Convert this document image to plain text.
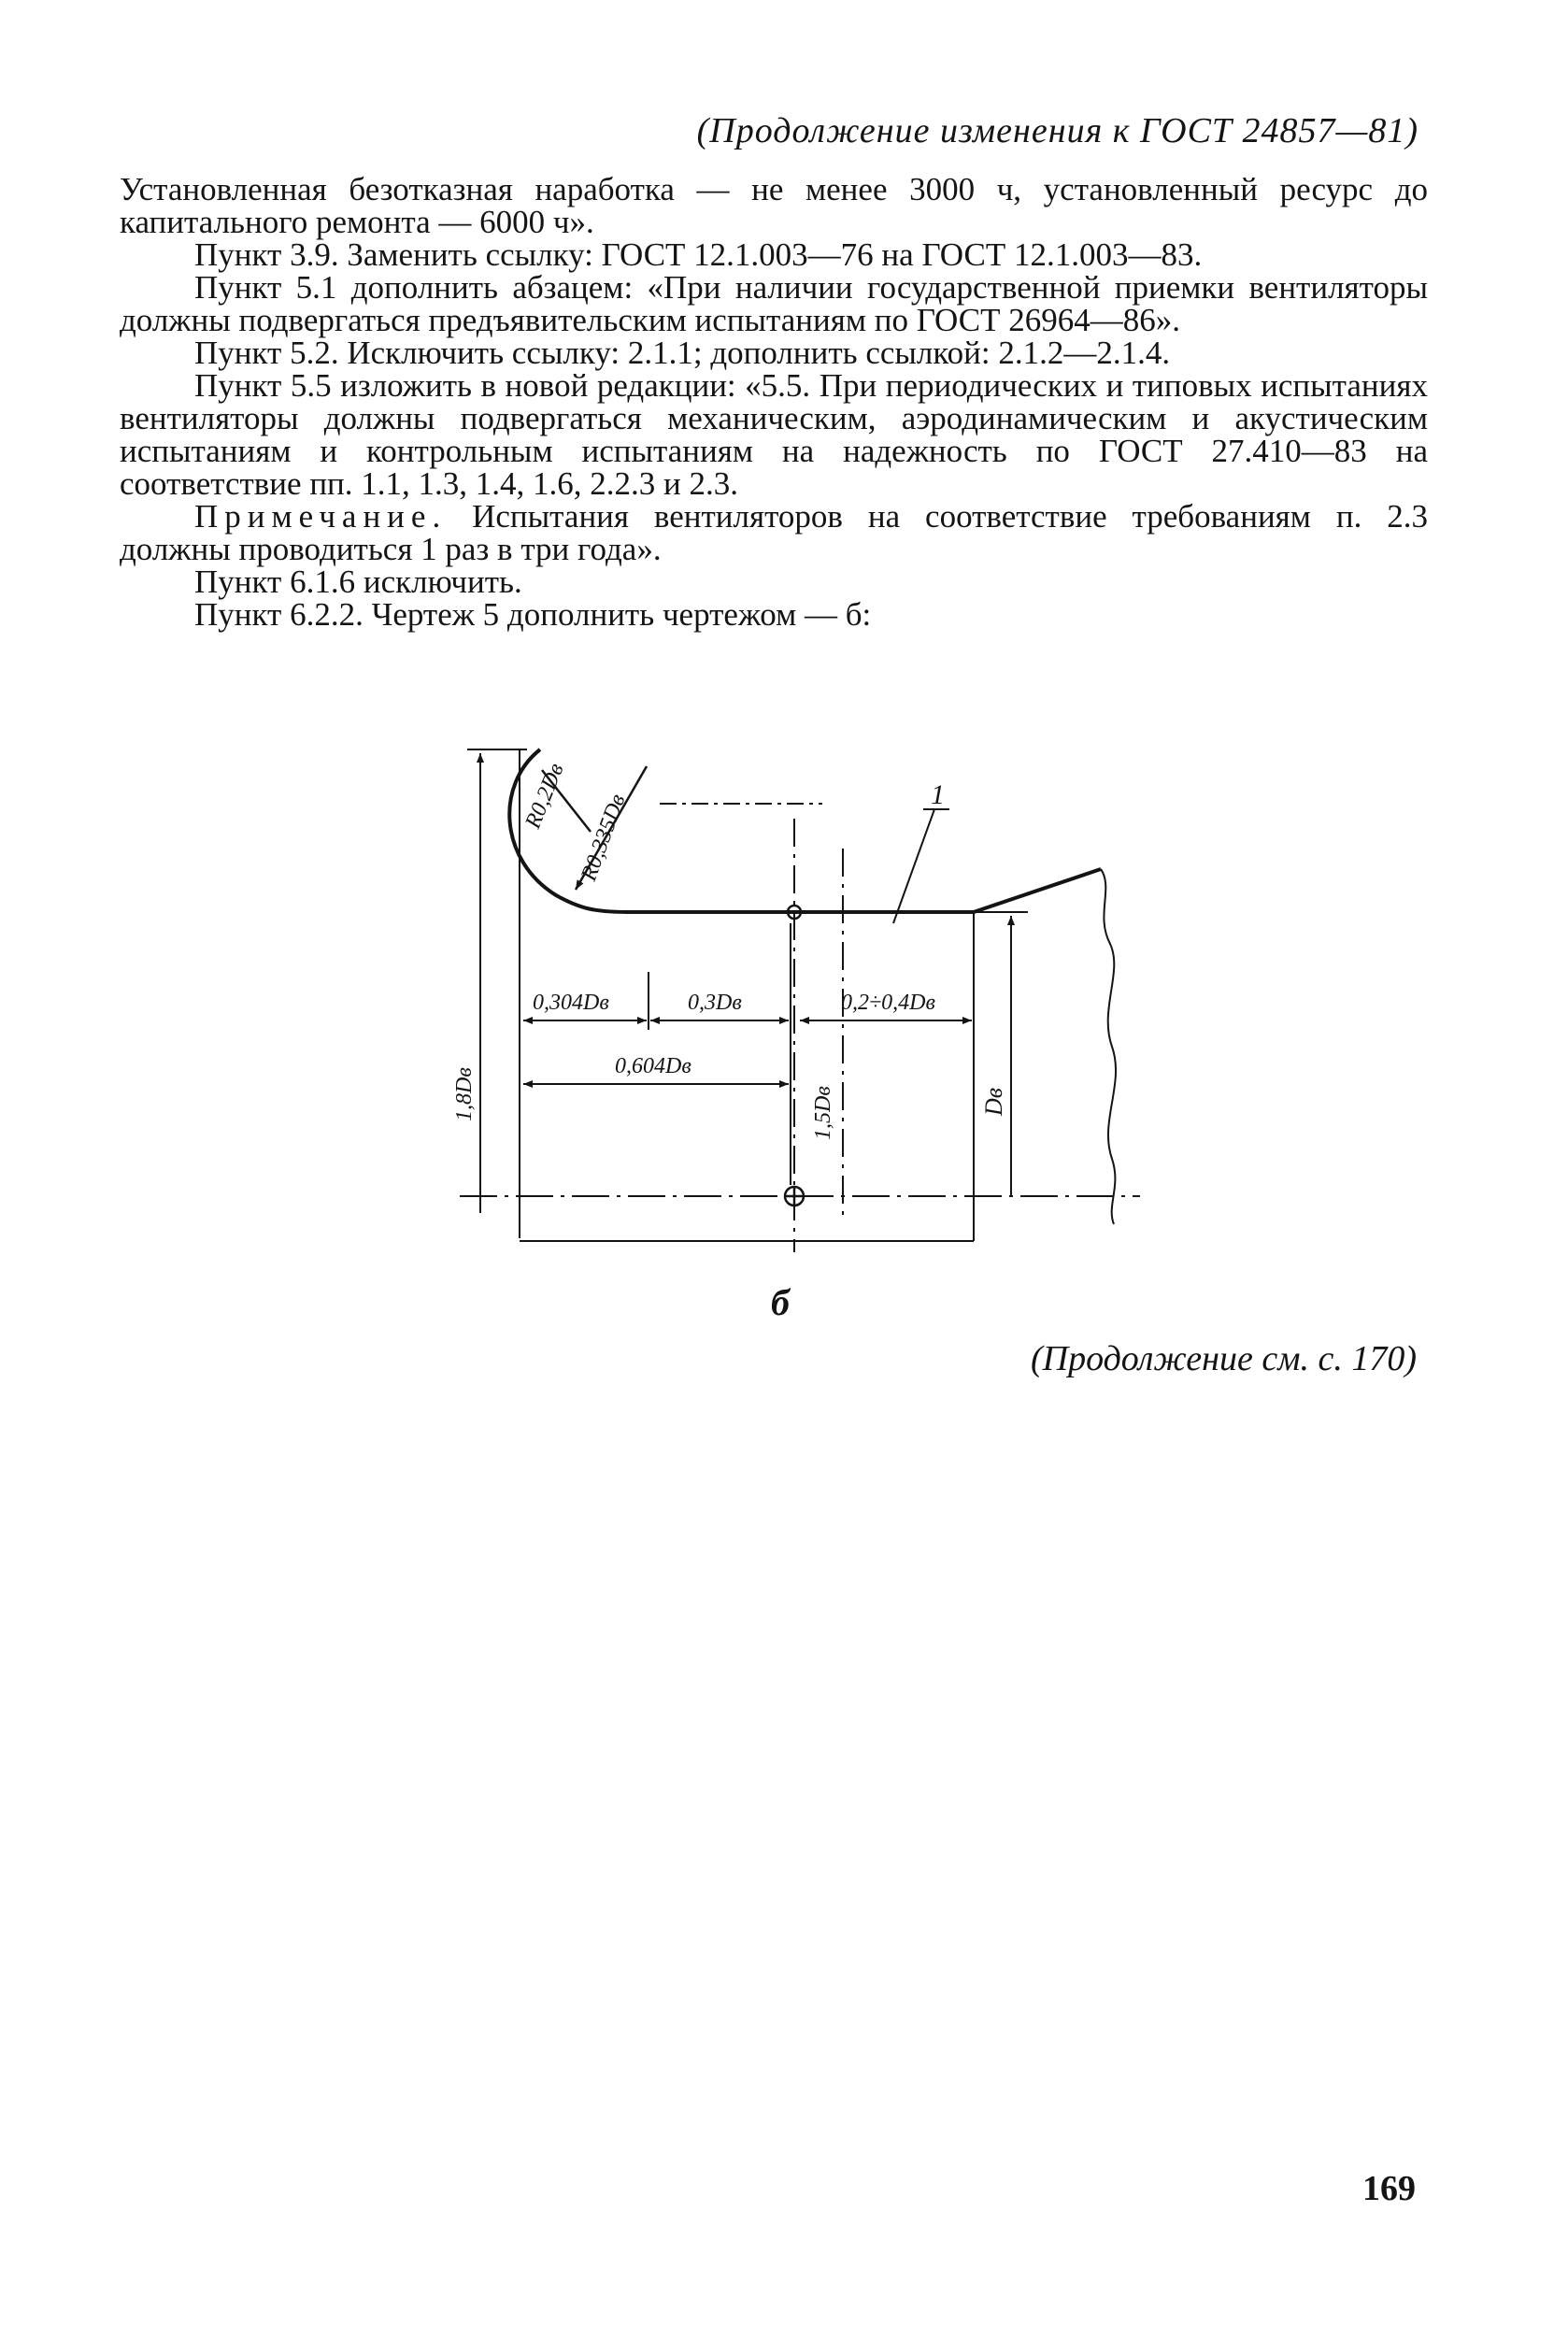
(Продолжение изменения к ГОСТ 24857—81)

Установленная безотказная наработка — не менее 3000 ч, установленный ресурс до капитального ремонта — 6000 ч».

Пункт 3.9. Заменить ссылку: ГОСТ 12.1.003—76 на ГОСТ 12.1.003—83.

Пункт 5.1 дополнить абзацем: «При наличии государственной приемки вентиляторы должны подвергаться предъявительским испытаниям по ГОСТ 26964—86».

Пункт 5.2. Исключить ссылку: 2.1.1; дополнить ссылкой: 2.1.2—2.1.4.

Пункт 5.5 изложить в новой редакции: «5.5. При периодических и типовых испытаниях вентиляторы должны подвергаться механическим, аэродинамическим и акустическим испытаниям и контрольным испытаниям на надежность по ГОСТ 27.410—83 на соответствие пп. 1.1, 1.3, 1.4, 1.6, 2.2.3 и 2.3.

Примечание. Испытания вентиляторов на соответствие требованиям п. 2.3 должны проводиться 1 раз в три года».

Пункт 6.1.6 исключить.

Пункт 6.2.2. Чертеж 5 дополнить чертежом — б:

R0,2Dв R0,335Dв	1
0,304Dв	0,3Dв	0,2÷0,4Dв
0,604Dв
1,5Dв	Dв
1,8Dв
б
(Продолжение см. с. 170)
169
